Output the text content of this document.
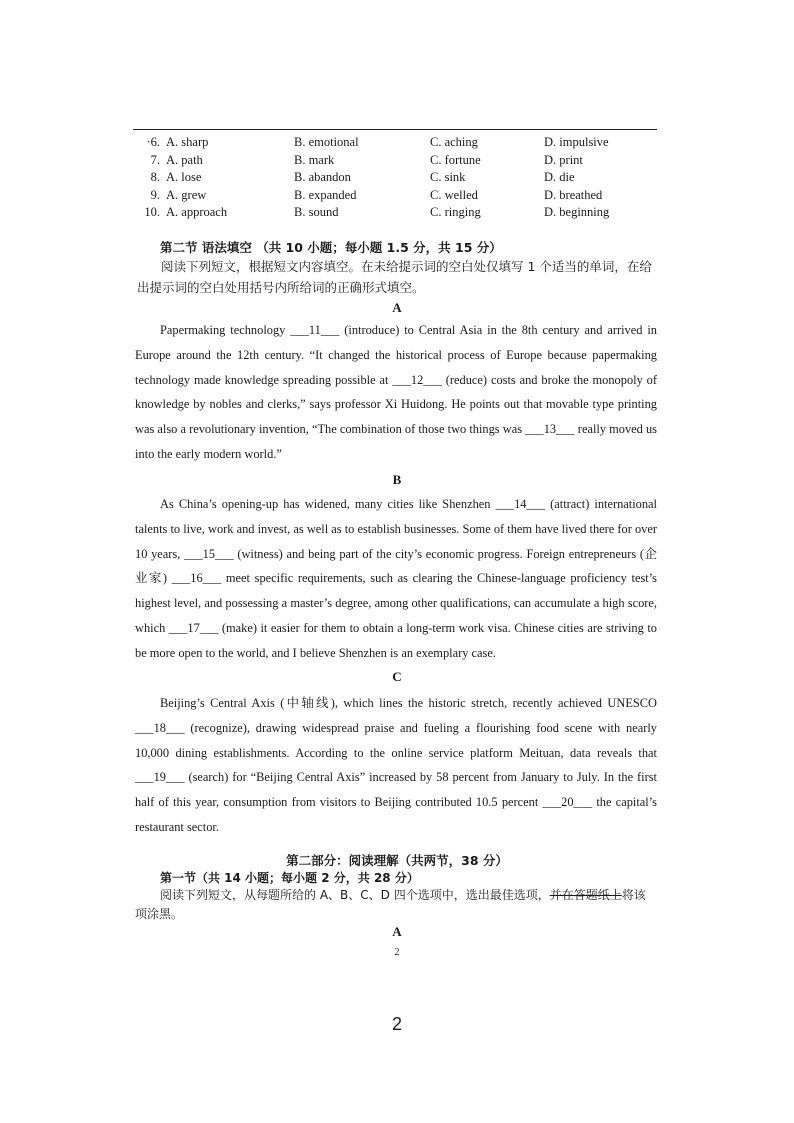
·6. A. sharp	B. emotional	C. aching	D. impulsive
7. A. path	B. mark	C. fortune	D. print
8. A. lose	B. abandon	C. sink	D. die
9. A. grew	B. expanded	C. welled	D. breathed
10. A. approach	B. sound	C. ringing	D. beginning
第二节 语法填空 （共 10 小题；每小题 1.5 分，共 15 分）

阅读下列短文，根据短文内容填空。在未给提示词的空白处仅填写 1 个适当的单词，在给出提示词的空白处用括号内所给词的正确形式填空。

A

Papermaking technology ___11___ (introduce) to Central Asia in the 8th century and arrived in Europe around the 12th century. “It changed the historical process of Europe because papermaking technology made knowledge spreading possible at ___12___ (reduce) costs and broke the monopoly of knowledge by nobles and clerks,” says professor Xi Huidong. He points out that movable type printing was also a revolutionary invention, “The combination of those two things was ___13___ really moved us into the early modern world.”

B

As China’s opening-up has widened, many cities like Shenzhen ___14___ (attract) international talents to live, work and invest, as well as to establish businesses. Some of them have lived there for over 10 years, ___15___ (witness) and being part of the city’s economic progress. Foreign entrepreneurs (企业家) ___16___ meet specific requirements, such as clearing the Chinese-language proficiency test’s highest level, and possessing a master’s degree, among other qualifications, can accumulate a high score, which ___17___ (make) it easier for them to obtain a long-term work visa. Chinese cities are striving to be more open to the world, and I believe Shenzhen is an exemplary case.

C

Beijing’s Central Axis (中轴线), which lines the historic stretch, recently achieved UNESCO ___18___ (recognize), drawing widespread praise and fueling a flourishing food scene with nearly 10,000 dining establishments. According to the online service platform Meituan, data reveals that ___19___ (search) for “Beijing Central Axis” increased by 58 percent from January to July. In the first half of this year, consumption from visitors to Beijing contributed 10.5 percent ___20___ the capital’s restaurant sector.

第二部分：阅读理解（共两节，38 分）
第一节（共 14 小题；每小题 2 分，共 28 分）

阅读下列短文，从每题所给的 A、B、C、D 四个选项中，选出最佳选项，并在答题纸上将该项涂黑。

A
2
2
